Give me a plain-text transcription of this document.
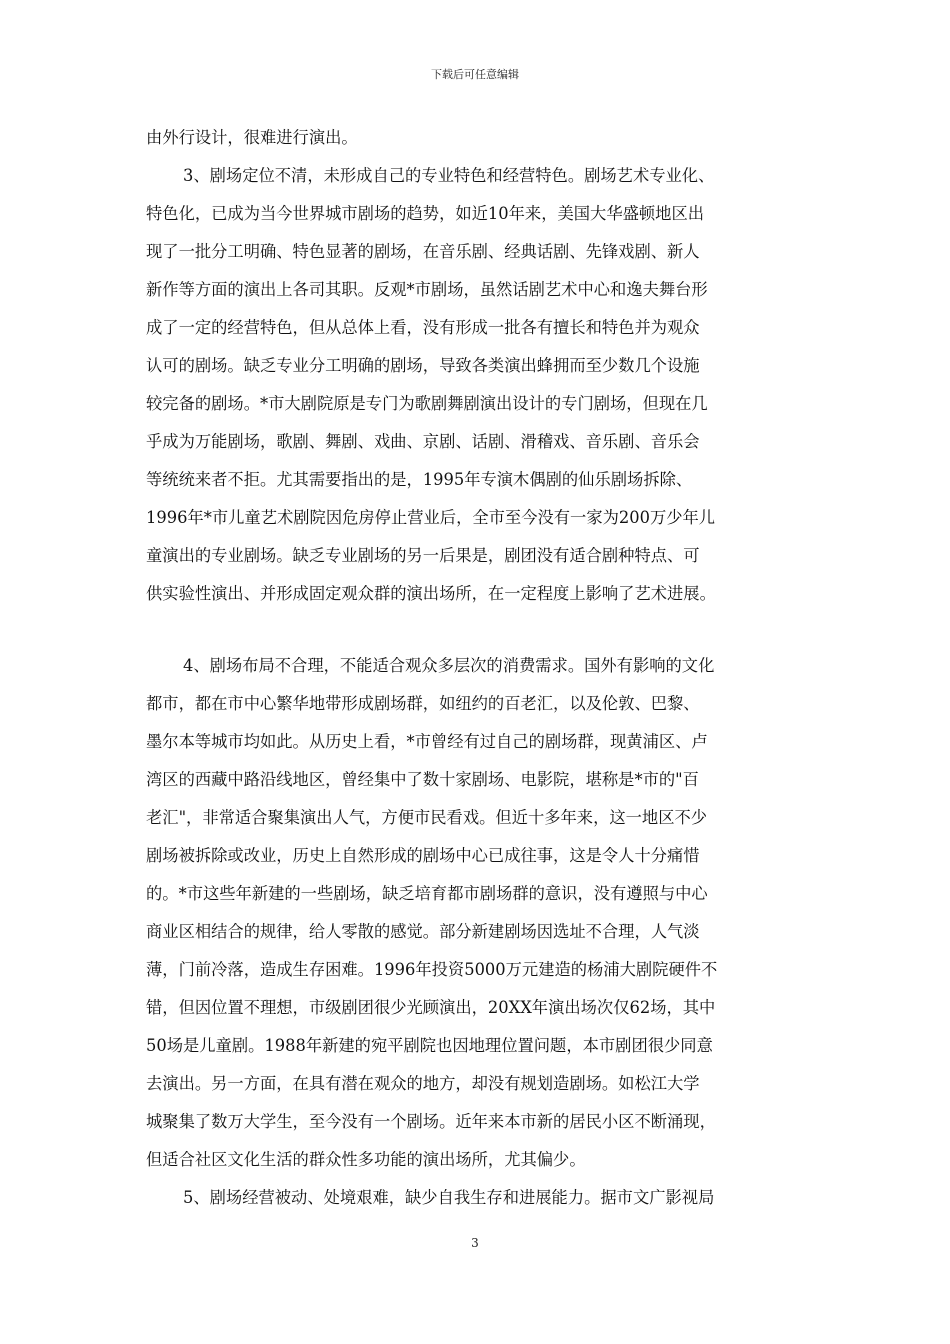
下载后可任意编辑
由外行设计，很难进行演出。
3、剧场定位不清，未形成自己的专业特色和经营特色。剧场艺术专业化、
特色化，已成为当今世界城市剧场的趋势，如近10年来，美国大华盛顿地区出
现了一批分工明确、特色显著的剧场，在音乐剧、经典话剧、先锋戏剧、新人
新作等方面的演出上各司其职。反观*市剧场，虽然话剧艺术中心和逸夫舞台形
成了一定的经营特色，但从总体上看，没有形成一批各有擅长和特色并为观众
认可的剧场。缺乏专业分工明确的剧场，导致各类演出蜂拥而至少数几个设施
较完备的剧场。*市大剧院原是专门为歌剧舞剧演出设计的专门剧场，但现在几
乎成为万能剧场，歌剧、舞剧、戏曲、京剧、话剧、滑稽戏、音乐剧、音乐会
等统统来者不拒。尤其需要指出的是，1995年专演木偶剧的仙乐剧场拆除、
1996年*市儿童艺术剧院因危房停止营业后，全市至今没有一家为200万少年儿
童演出的专业剧场。缺乏专业剧场的另一后果是，剧团没有适合剧种特点、可
供实验性演出、并形成固定观众群的演出场所，在一定程度上影响了艺术进展。
4、剧场布局不合理，不能适合观众多层次的消费需求。国外有影响的文化
都市，都在市中心繁华地带形成剧场群，如纽约的百老汇，以及伦敦、巴黎、
墨尔本等城市均如此。从历史上看，*市曾经有过自己的剧场群，现黄浦区、卢
湾区的西藏中路沿线地区，曾经集中了数十家剧场、电影院，堪称是*市的"百
老汇"，非常适合聚集演出人气，方便市民看戏。但近十多年来，这一地区不少
剧场被拆除或改业，历史上自然形成的剧场中心已成往事，这是令人十分痛惜
的。*市这些年新建的一些剧场，缺乏培育都市剧场群的意识，没有遵照与中心
商业区相结合的规律，给人零散的感觉。部分新建剧场因选址不合理，人气淡
薄，门前冷落，造成生存困难。1996年投资5000万元建造的杨浦大剧院硬件不
错，但因位置不理想，市级剧团很少光顾演出，20XX年演出场次仅62场，其中
50场是儿童剧。1988年新建的宛平剧院也因地理位置问题，本市剧团很少同意
去演出。另一方面，在具有潜在观众的地方，却没有规划造剧场。如松江大学
城聚集了数万大学生，至今没有一个剧场。近年来本市新的居民小区不断涌现，
但适合社区文化生活的群众性多功能的演出场所，尤其偏少。
5、剧场经营被动、处境艰难，缺少自我生存和进展能力。据市文广影视局
3
